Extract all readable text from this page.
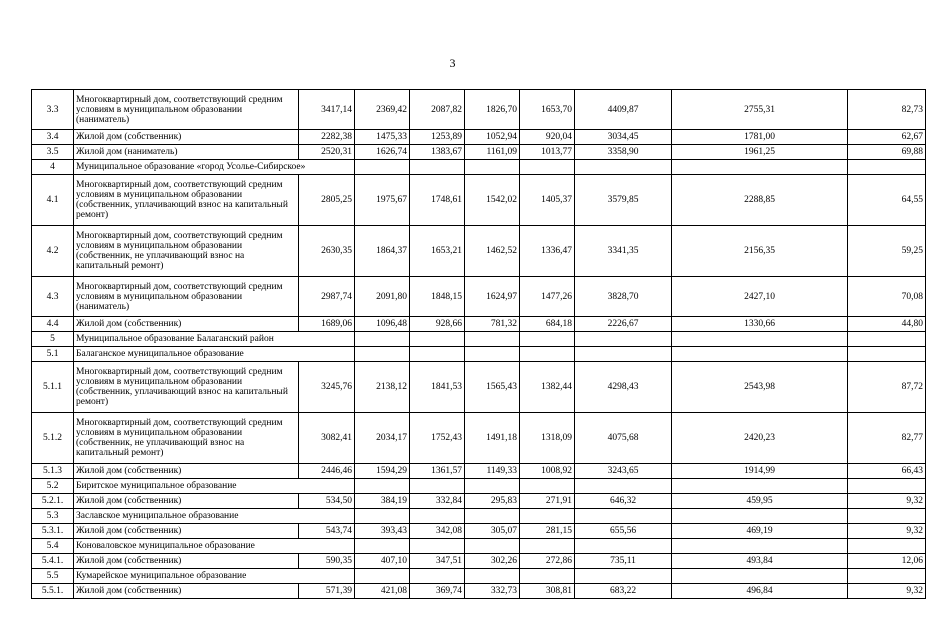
3
3.3	Многоквартирный дом, соответствующий средним условиям в муниципальном образовании (наниматель)	3417,14	2369,42	2087,82	1826,70	1653,70	4409,87	2755,31	82,73
3.4	Жилой дом (собственник)	2282,38	1475,33	1253,89	1052,94	920,04	3034,45	1781,00	62,67
3.5	Жилой дом (наниматель)	2520,31	1626,74	1383,67	1161,09	1013,77	3358,90	1961,25	69,88
4	Муниципальное образование «город Усолье-Сибирское»								
4.1	Многоквартирный дом, соответствующий средним условиям в муниципальном образовании (собственник, уплачивающий взнос на капитальный ремонт)	2805,25	1975,67	1748,61	1542,02	1405,37	3579,85	2288,85	64,55
4.2	Многоквартирный дом, соответствующий средним условиям в муниципальном образовании (собственник, не уплачивающий взнос на капитальный ремонт)	2630,35	1864,37	1653,21	1462,52	1336,47	3341,35	2156,35	59,25
4.3	Многоквартирный дом, соответствующий средним условиям в муниципальном образовании (наниматель)	2987,74	2091,80	1848,15	1624,97	1477,26	3828,70	2427,10	70,08
4.4	Жилой дом (собственник)	1689,06	1096,48	928,66	781,32	684,18	2226,67	1330,66	44,80
5	Муниципальное образование Балаганский район								
5.1	Балаганское муниципальное образование								
5.1.1	Многоквартирный дом, соответствующий средним условиям в муниципальном образовании (собственник, уплачивающий взнос на капитальный ремонт)	3245,76	2138,12	1841,53	1565,43	1382,44	4298,43	2543,98	87,72
5.1.2	Многоквартирный дом, соответствующий средним условиям в муниципальном образовании (собственник, не уплачивающий взнос на капитальный ремонт)	3082,41	2034,17	1752,43	1491,18	1318,09	4075,68	2420,23	82,77
5.1.3	Жилой дом (собственник)	2446,46	1594,29	1361,57	1149,33	1008,92	3243,65	1914,99	66,43
5.2	Биритское муниципальное образование								
5.2.1.	Жилой дом (собственник)	534,50	384,19	332,84	295,83	271,91	646,32	459,95	9,32
5.3	Заславское муниципальное образование								
5.3.1.	Жилой дом (собственник)	543,74	393,43	342,08	305,07	281,15	655,56	469,19	9,32
5.4	Коноваловское муниципальное образование								
5.4.1.	Жилой дом (собственник)	590,35	407,10	347,51	302,26	272,86	735,11	493,84	12,06
5.5	Кумарейское муниципальное образование								
5.5.1.	Жилой дом (собственник)	571,39	421,08	369,74	332,73	308,81	683,22	496,84	9,32
